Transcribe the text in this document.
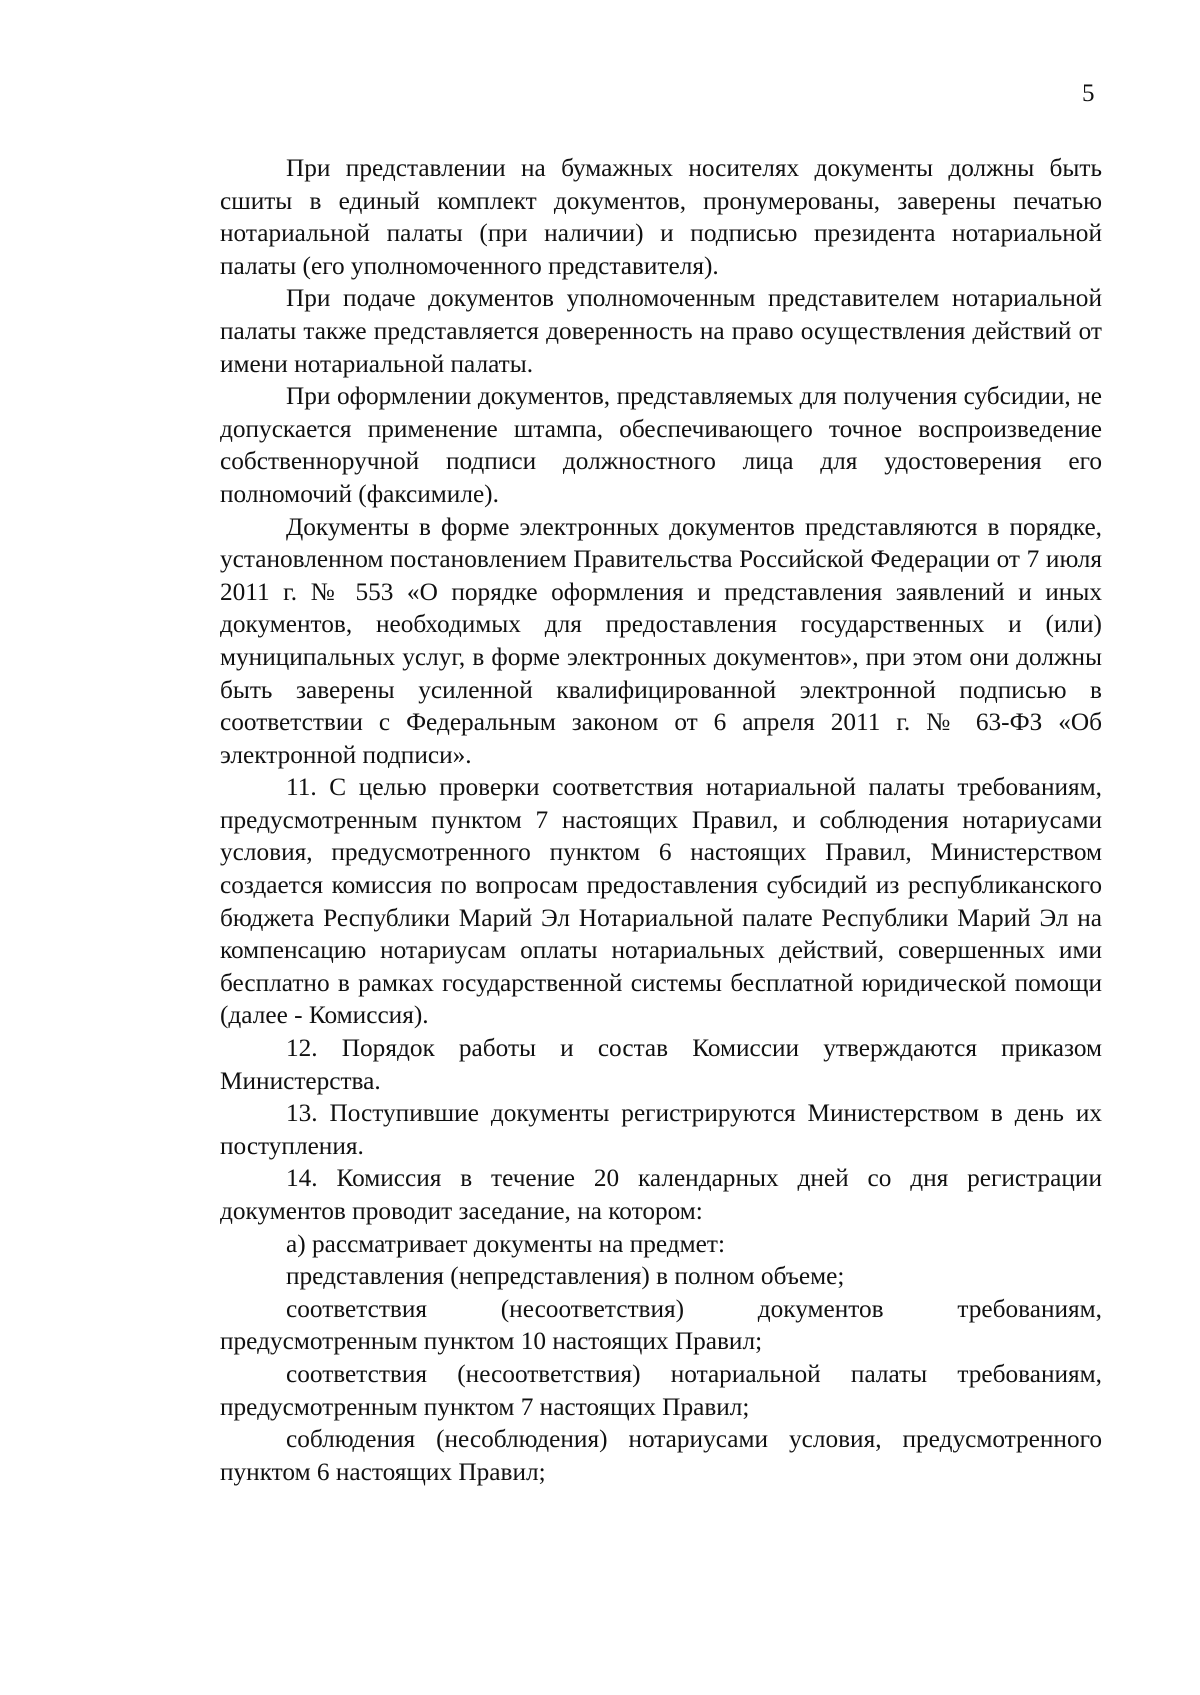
5

При представлении на бумажных носителях документы должны быть сшиты в единый комплект документов, пронумерованы, заверены печатью нотариальной палаты (при наличии) и подписью президента нотариальной палаты (его уполномоченного представителя).

При подаче документов уполномоченным представителем нотариальной палаты также представляется доверенность на право осуществления действий от имени нотариальной палаты.

При оформлении документов, представляемых для получения субсидии, не допускается применение штампа, обеспечивающего точное воспроизведение собственноручной подписи должностного лица для удостоверения его полномочий (факсимиле).

Документы в форме электронных документов представляются в порядке, установленном постановлением Правительства Российской Федерации от 7 июля 2011 г. № 553 «О порядке оформления и представления заявлений и иных документов, необходимых для предоставления государственных и (или) муниципальных услуг, в форме электронных документов», при этом они должны быть заверены усиленной квалифицированной электронной подписью в соответствии с Федеральным законом от 6 апреля 2011 г. № 63-ФЗ «Об электронной подписи».

11. С целью проверки соответствия нотариальной палаты требованиям, предусмотренным пунктом 7 настоящих Правил, и соблюдения нотариусами условия, предусмотренного пунктом 6 настоящих Правил, Министерством создается комиссия по вопросам предоставления субсидий из республиканского бюджета Республики Марий Эл Нотариальной палате Республики Марий Эл на компенсацию нотариусам оплаты нотариальных действий, совершенных ими бесплатно в рамках государственной системы бесплатной юридической помощи (далее - Комиссия).

12. Порядок работы и состав Комиссии утверждаются приказом Министерства.

13. Поступившие документы регистрируются Министерством в день их поступления.

14. Комиссия в течение 20 календарных дней со дня регистрации документов проводит заседание, на котором:

а) рассматривает документы на предмет:

представления (непредставления) в полном объеме;

соответствия (несоответствия) документов требованиям, предусмотренным пунктом 10 настоящих Правил;

соответствия (несоответствия) нотариальной палаты требованиям, предусмотренным пунктом 7 настоящих Правил;

соблюдения (несоблюдения) нотариусами условия, предусмотренного пунктом 6 настоящих Правил;
